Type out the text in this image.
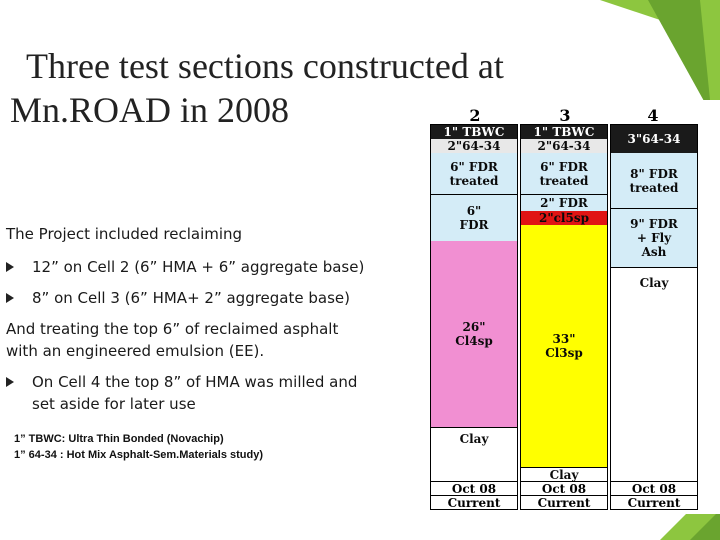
Three test sections constructed at
Mn.ROAD in 2008
The Project included reclaiming
12” on Cell 2 (6” HMA + 6” aggregate base)
8” on Cell 3 (6” HMA+ 2” aggregate base)
And treating the top 6” of reclaimed asphalt
with an engineered emulsion (EE).
On Cell 4 the top 8” of HMA was milled and
set aside for later use
1” TBWC: Ultra Thin Bonded (Novachip)
1” 64-34 : Hot Mix Asphalt-Sem.Materials study)
2	3	4
1" TBWC
2"64-34
6" FDR treated
6" FDR
26" Cl4sp
Clay
Oct 08
Current
1" TBWC
2"64-34
6" FDR treated
2" FDR
2"cl5sp
33" Cl3sp
Clay
Oct 08
Current
3"64-34
8" FDR treated
9" FDR + Fly Ash
Clay
Oct 08
Current
